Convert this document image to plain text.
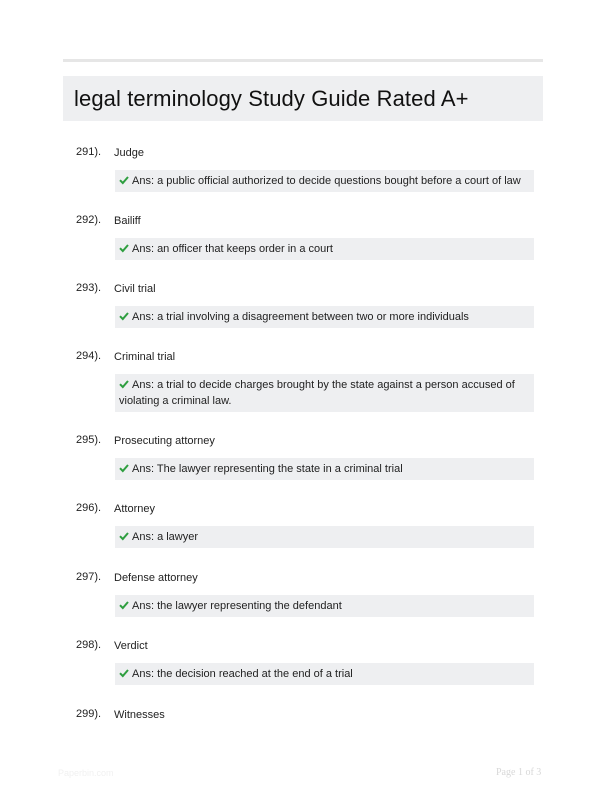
legal terminology Study Guide Rated A+
291). Judge
Ans: a public official authorized to decide questions bought before a court of law
292). Bailiff
Ans: an officer that keeps order in a court
293). Civil trial
Ans: a trial involving a disagreement between two or more individuals
294). Criminal trial
Ans: a trial to decide charges brought by the state against a person accused of violating a criminal law.
295). Prosecuting attorney
Ans: The lawyer representing the state in a criminal trial
296). Attorney
Ans: a lawyer
297). Defense attorney
Ans: the lawyer representing the defendant
298). Verdict
Ans: the decision reached at the end of a trial
299). Witnesses
Paperbin.com	Page 1 of 3
